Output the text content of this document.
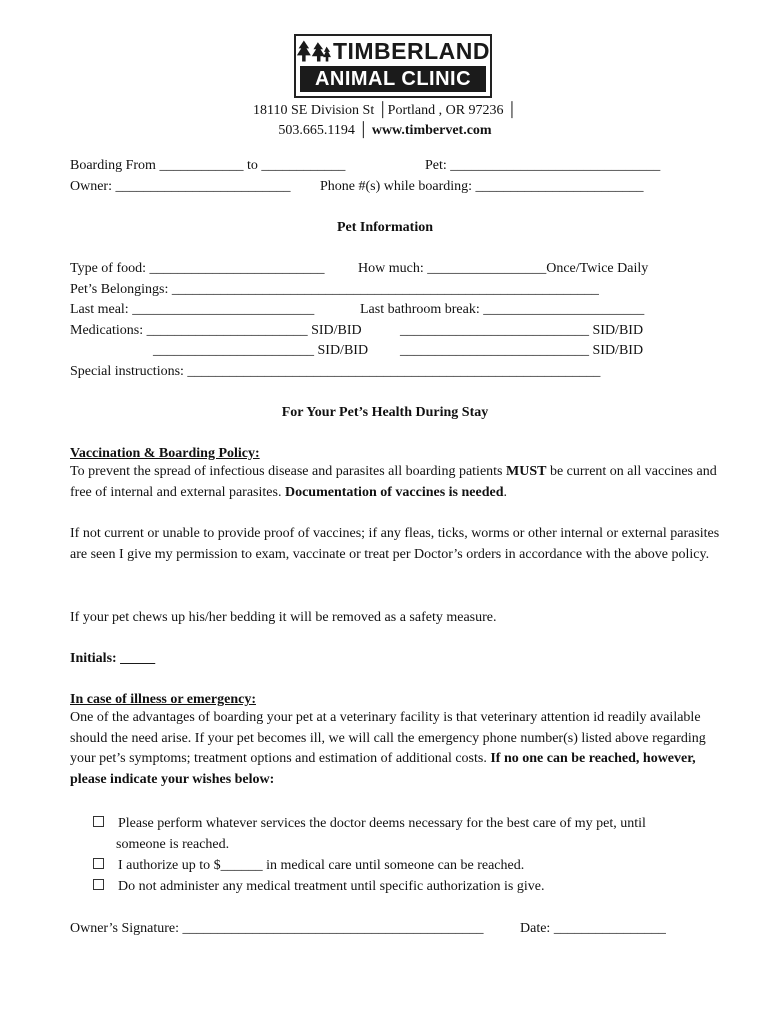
TIMBERLAND
ANIMAL CLINIC
18110 SE Division St │Portland , OR 97236 │
503.665.1194 │ www.timbervet.com
Boarding From ____________ to ____________	Pet: ______________________________
Owner: _________________________ Phone #(s) while boarding: ________________________
Pet Information
Type of food: _________________________ How much: _________________Once/Twice Daily
Pet’s Belongings: _____________________________________________________________
Last meal: __________________________	Last bathroom break: _______________________
Medications: _______________________ SID/BID	___________________________ SID/BID
_______________________ SID/BID ___________________________ SID/BID
Special instructions: ___________________________________________________________
For Your Pet’s Health During Stay
Vaccination & Boarding Policy:
To prevent the spread of infectious disease and parasites all boarding patients MUST be current on all vaccines and free of internal and external parasites. Documentation of vaccines is needed.
If not current or unable to provide proof of vaccines; if any fleas, ticks, worms or other internal or external parasites are seen I give my permission to exam, vaccinate or treat per Doctor’s orders in accordance with the above policy.
If your pet chews up his/her bedding it will be removed as a safety measure.
Initials: _____
In case of illness or emergency:
One of the advantages of boarding your pet at a veterinary facility is that veterinary attention id readily available should the need arise. If your pet becomes ill, we will call the emergency phone number(s) listed above regarding your pet’s symptoms; treatment options and estimation of additional costs. If no one can be reached, however, please indicate your wishes below:
Please perform whatever services the doctor deems necessary for the best care of my pet, until
someone is reached.
I authorize up to $______ in medical care until someone can be reached.
Do not administer any medical treatment until specific authorization is give.
Owner’s Signature: ___________________________________________	Date: ________________
